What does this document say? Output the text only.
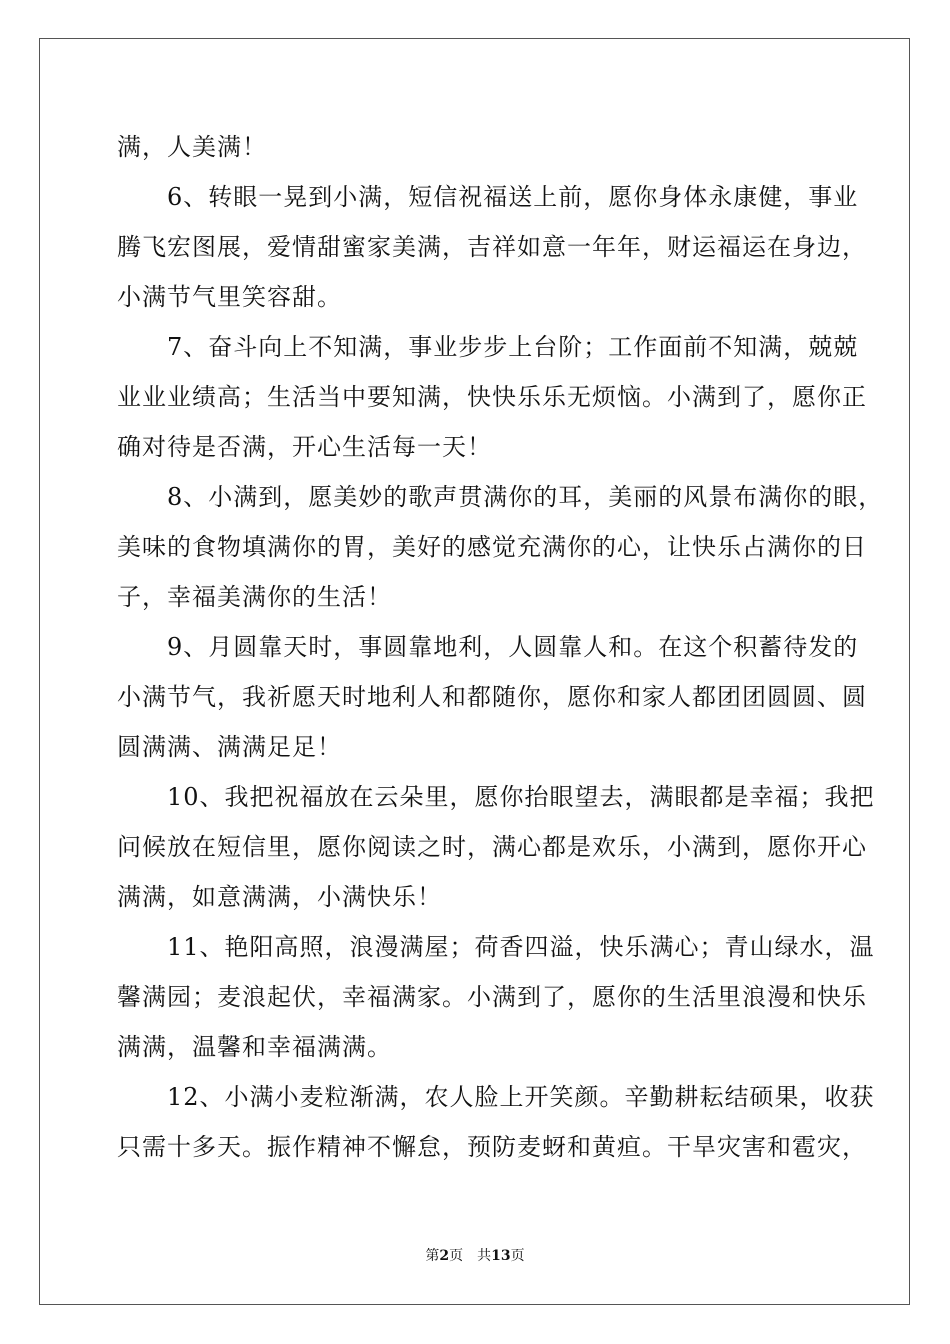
满，人美满！
　　6、转眼一晃到小满，短信祝福送上前，愿你身体永康健，事业
腾飞宏图展，爱情甜蜜家美满，吉祥如意一年年，财运福运在身边，
小满节气里笑容甜。
　　7、奋斗向上不知满，事业步步上台阶；工作面前不知满，兢兢
业业业绩高；生活当中要知满，快快乐乐无烦恼。小满到了，愿你正
确对待是否满，开心生活每一天！
　　8、小满到，愿美妙的歌声贯满你的耳，美丽的风景布满你的眼，
美味的食物填满你的胃，美好的感觉充满你的心，让快乐占满你的日
子，幸福美满你的生活！
　　9、月圆靠天时，事圆靠地利，人圆靠人和。在这个积蓄待发的
小满节气，我祈愿天时地利人和都随你，愿你和家人都团团圆圆、圆
圆满满、满满足足！
　　10、我把祝福放在云朵里，愿你抬眼望去，满眼都是幸福；我把
问候放在短信里，愿你阅读之时，满心都是欢乐，小满到，愿你开心
满满，如意满满，小满快乐！
　　11、艳阳高照，浪漫满屋；荷香四溢，快乐满心；青山绿水，温
馨满园；麦浪起伏，幸福满家。小满到了，愿你的生活里浪漫和快乐
满满，温馨和幸福满满。
　　12、小满小麦粒渐满，农人脸上开笑颜。辛勤耕耘结硕果，收获
只需十多天。振作精神不懈怠，预防麦蚜和黄疸。干旱灾害和雹灾，
第2页　共13页
